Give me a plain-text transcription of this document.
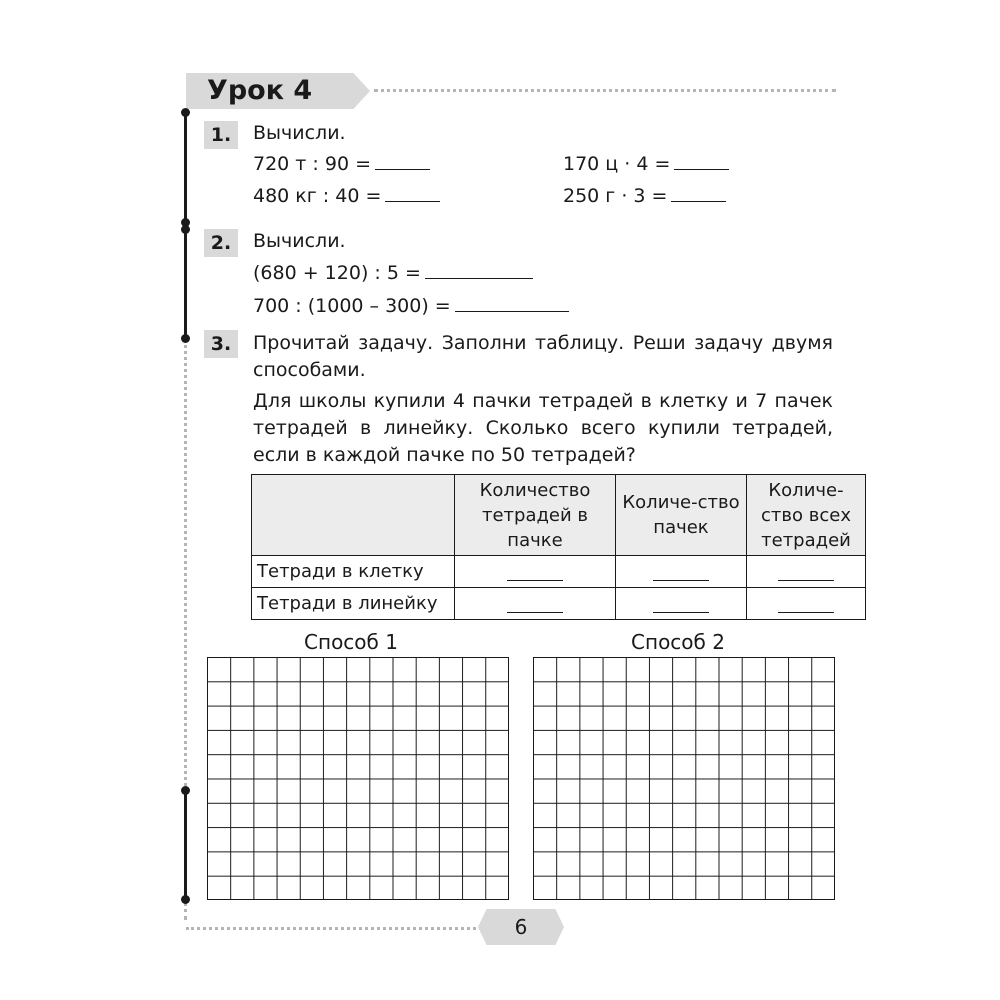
Урок 4
1.	Вычисли.
720 т : 90 =	170 ц · 4 =
480 кг : 40 =	250 г · 3 =
2.	Вычисли.
(680 + 120) : 5 =
700 : (1000 – 300) =
3.	Прочитай задачу. Заполни таблицу. Реши задачу двумя способами.
Для школы купили 4 пачки тетрадей в клетку и 7 пачек тетрадей в линейку. Сколько всего купили тетрадей, если в каждой пачке по 50 тетрадей?
	Количество тетрадей в пачке	Количе-ство пачек	Количе-ство всех тетрадей
Тетради в клетку	

Тетради в линейку	

Способ 1	Способ 2
6
